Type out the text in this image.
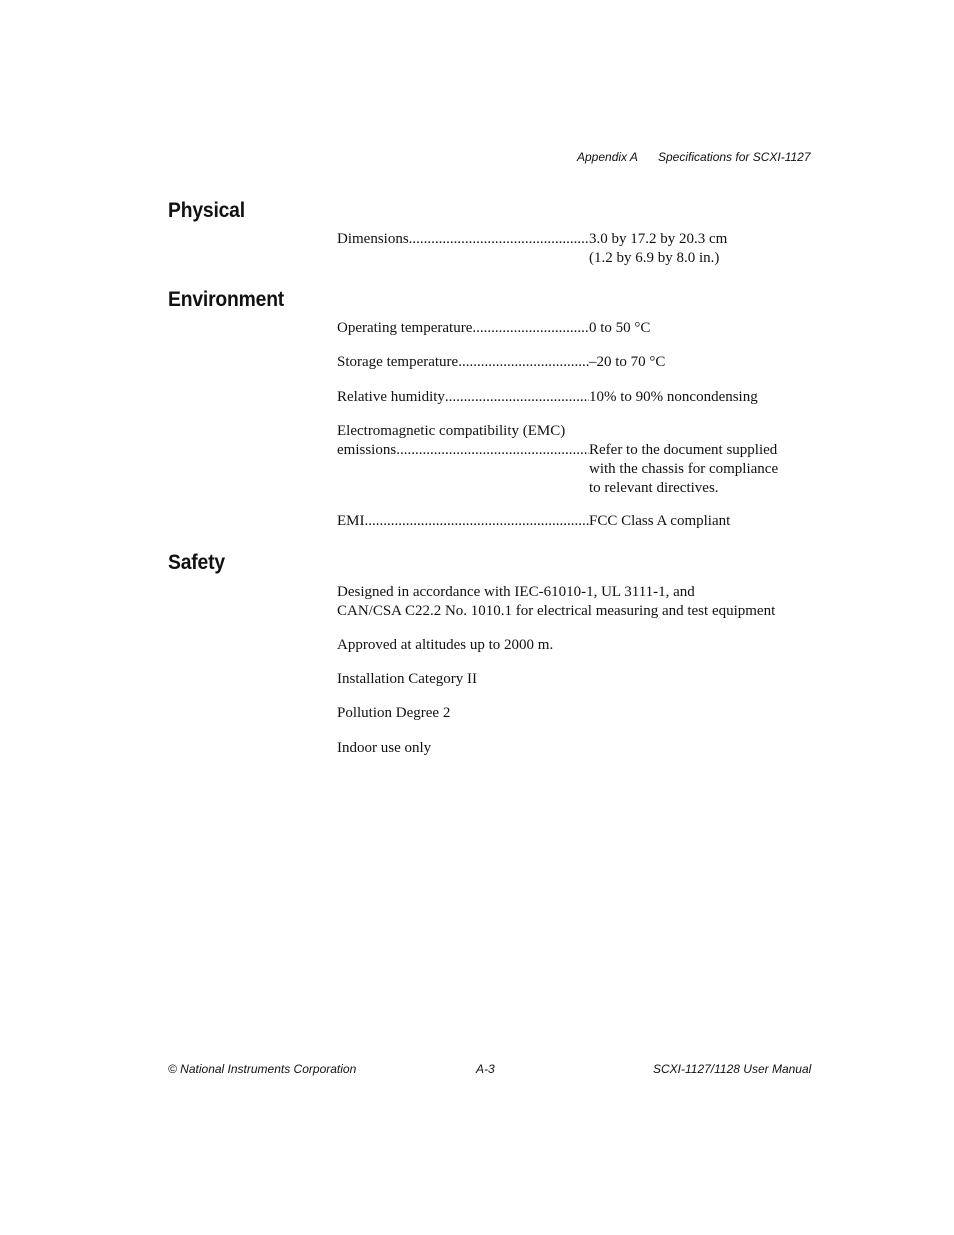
Appendix A Specifications for SCXI-1127
Physical
Dimensions .....	3.0 by 17.2 by 20.3 cm
(1.2 by 6.9 by 8.0 in.)
Environment
Operating temperature .....	0 to 50 °C
Storage temperature .....	–20 to 70 °C
Relative humidity .....	10% to 90% noncondensing
Electromagnetic compatibility (EMC)
emissions .....	Refer to the document supplied
with the chassis for compliance
to relevant directives.
EMI .....	FCC Class A compliant
Safety
Designed in accordance with IEC-61010-1, UL 3111-1, and
CAN/CSA C22.2 No. 1010.1 for electrical measuring and test equipment
Approved at altitudes up to 2000 m.
Installation Category II
Pollution Degree 2
Indoor use only
© National Instruments Corporation	A-3	SCXI-1127/1128 User Manual
